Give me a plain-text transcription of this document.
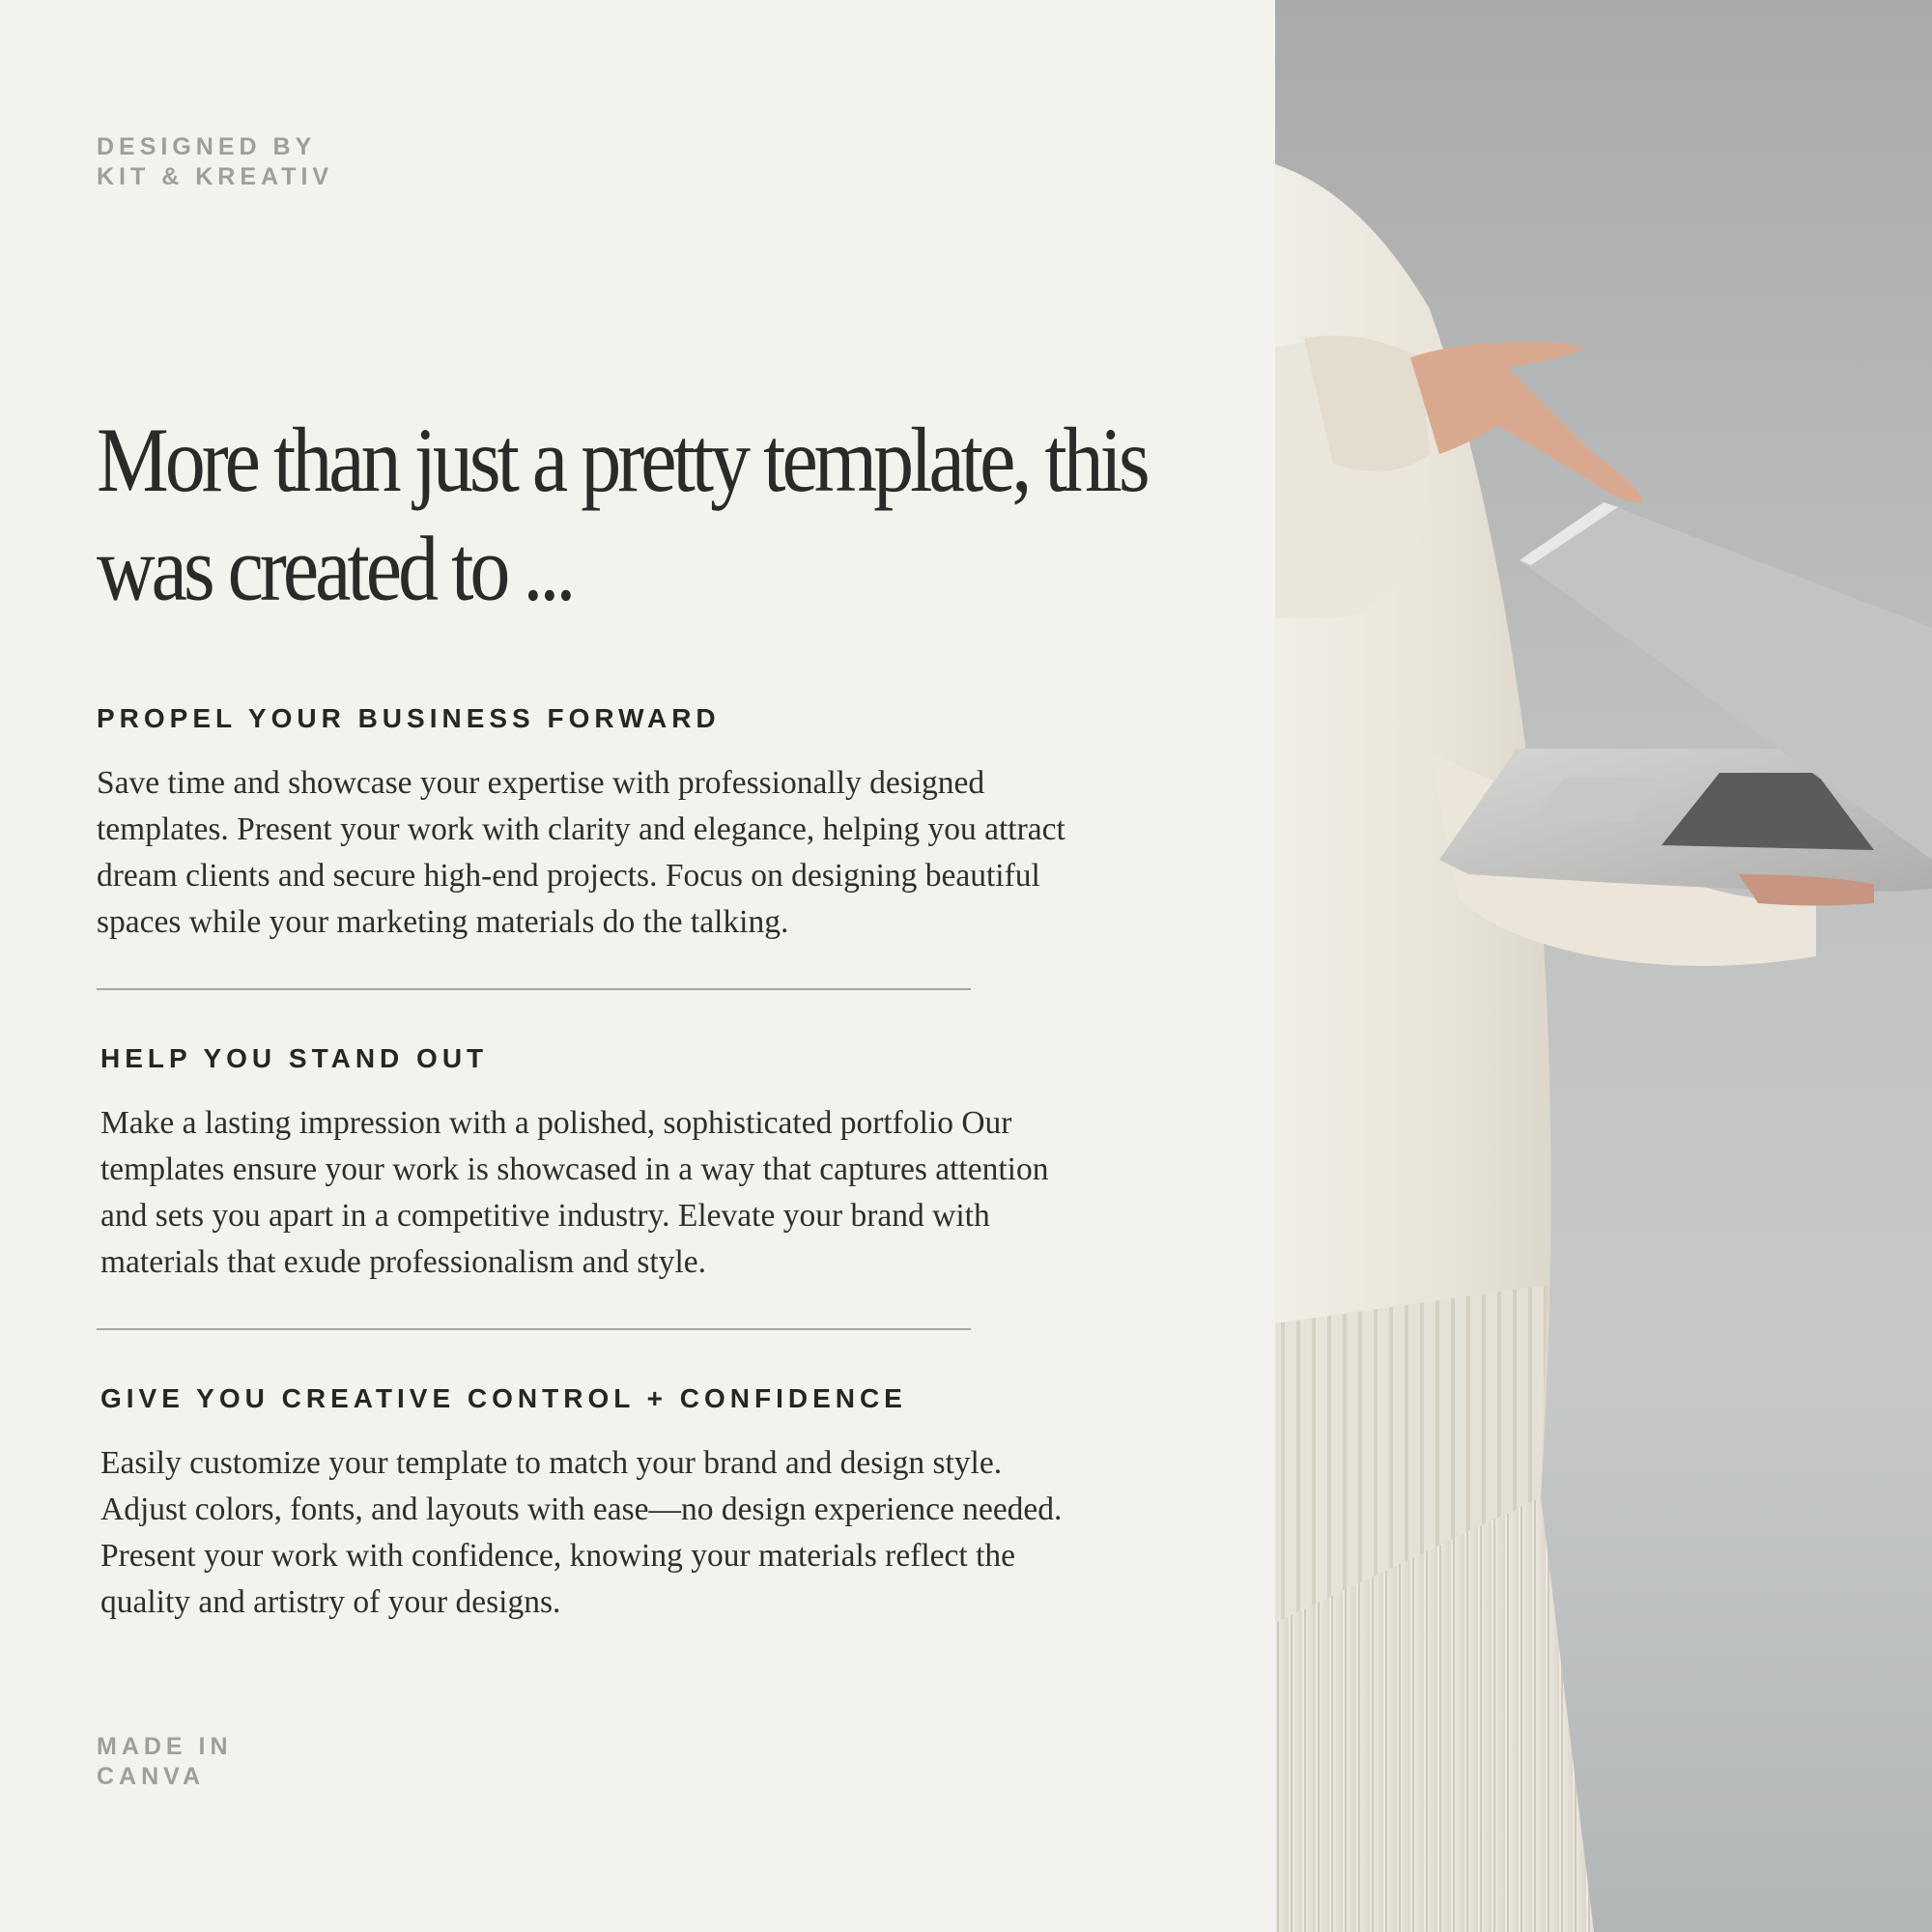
DESIGNED BY
KIT & KREATIV
More than just a pretty template, this
was created to ...
PROPEL YOUR BUSINESS FORWARD
Save time and showcase your expertise with professionally designed
templates. Present your work with clarity and elegance, helping you attract
dream clients and secure high-end projects. Focus on designing beautiful
spaces while your marketing materials do the talking.
HELP YOU STAND OUT
Make a lasting impression with a polished, sophisticated portfolio Our
templates ensure your work is showcased in a way that captures attention
and sets you apart in a competitive industry. Elevate your brand with
materials that exude professionalism and style.
GIVE YOU CREATIVE CONTROL + CONFIDENCE
Easily customize your template to match your brand and design style.
Adjust colors, fonts, and layouts with ease—no design experience needed.
Present your work with confidence, knowing your materials reflect the
quality and artistry of your designs.
MADE IN
CANVA
